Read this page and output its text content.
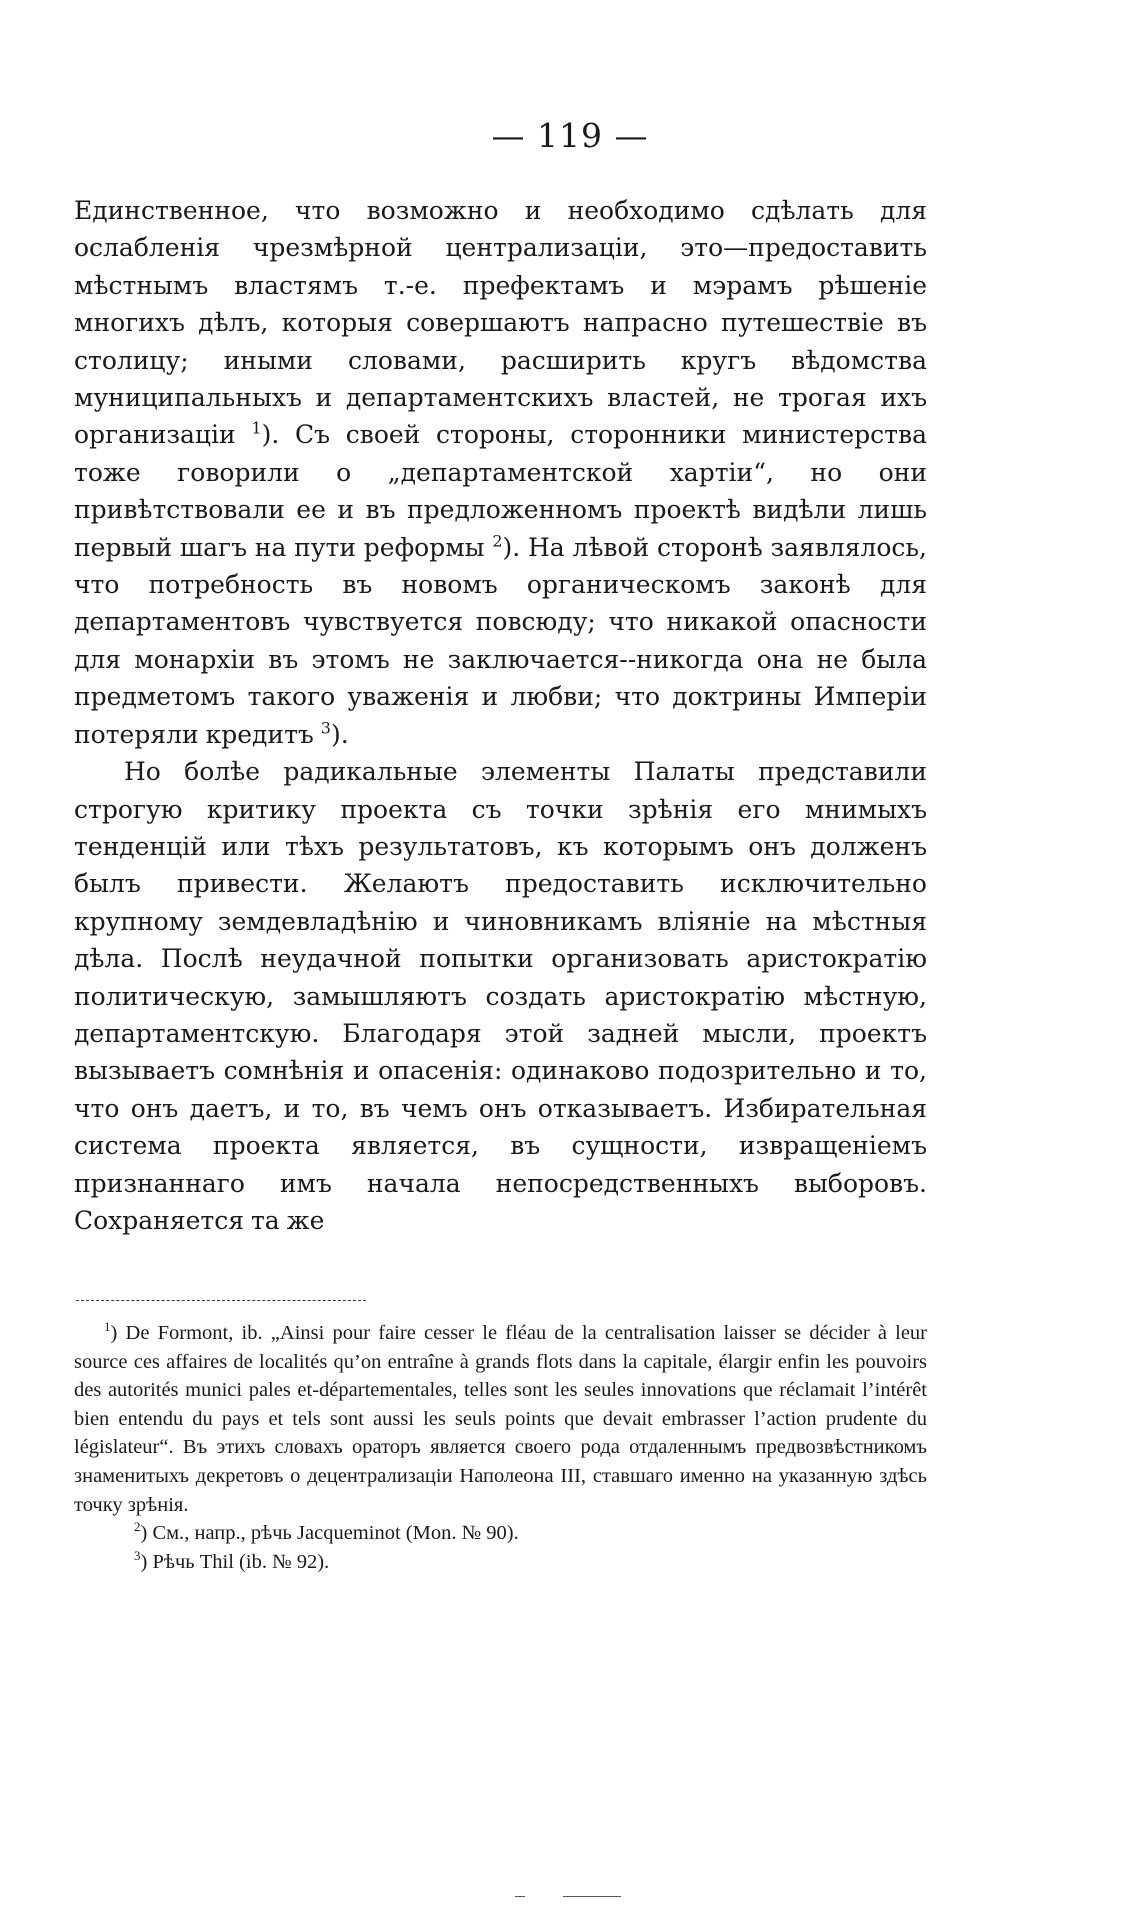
— 119 —

Единственное, что возможно и необходимо сдѣлать для ослабленія чрезмѣрной централизаціи, это—предоставить мѣстнымъ властямъ т.-е. префектамъ и мэрамъ рѣшеніе многихъ дѣлъ, которыя совершаютъ напрасно путешествіе въ столицу; иными словами, расширить кругъ вѣдомства муниципальныхъ и департаментскихъ властей, не трогая ихъ организаціи $^1$). Съ своей стороны, сторонники министерства тоже говорили о „департаментской хартіи“, но они привѣтствовали ее и въ предложенномъ проектѣ видѣли лишь первый шагъ на пути реформы $^2$). На лѣвой сторонѣ заявлялось, что потребность въ новомъ органическомъ законѣ для департаментовъ чувствуется повсюду; что никакой опасности для монархіи въ этомъ не заключается--никогда она не была предметомъ такого уваженія и любви; что доктрины Имперіи потеряли кредитъ $^3$).

Но болѣе радикальные элементы Палаты представили строгую критику проекта съ точки зрѣнія его мнимыхъ тенденцій или тѣхъ результатовъ, къ которымъ онъ долженъ былъ привести. Желаютъ предоставить исключительно крупному земдевладѣнію и чиновникамъ вліяніе на мѣстныя дѣла. Послѣ неудачной попытки организовать аристократію политическую, замышляютъ создать аристократію мѣстную, департаментскую. Благодаря этой задней мысли, проектъ вызываетъ сомнѣнія и опасенія: одинаково подозрительно и то, что онъ даетъ, и то, въ чемъ онъ отказываетъ. Избирательная система проекта является, въ сущности, извращеніемъ признаннаго имъ начала непосредственныхъ выборовъ. Сохраняется та же

$^1$) De Formont, ib. „Ainsi pour faire cesser le fléau de la centralisation laisser se décider à leur source ces affaires de localités qu’on entraîne à grands flots dans la capitale, élargir enfin les pouvoirs des autorités munici pales et-départementales, telles sont les seules innovations que réclamait l’intérêt bien entendu du pays et tels sont aussi les seuls points que devait embrasser l’action prudente du législateur“. Въ этихъ словахъ ораторъ является своего рода отдаленнымъ предвозвѣстникомъ знаменитыхъ декретовъ о децентрализаціи Наполеона III, ставшаго именно на указанную здѣсь точку зрѣнія.

$^2$) См., напр., рѣчь Jacqueminot (Mon. № 90).

$^3$) Рѣчь Thil (ib. № 92).
